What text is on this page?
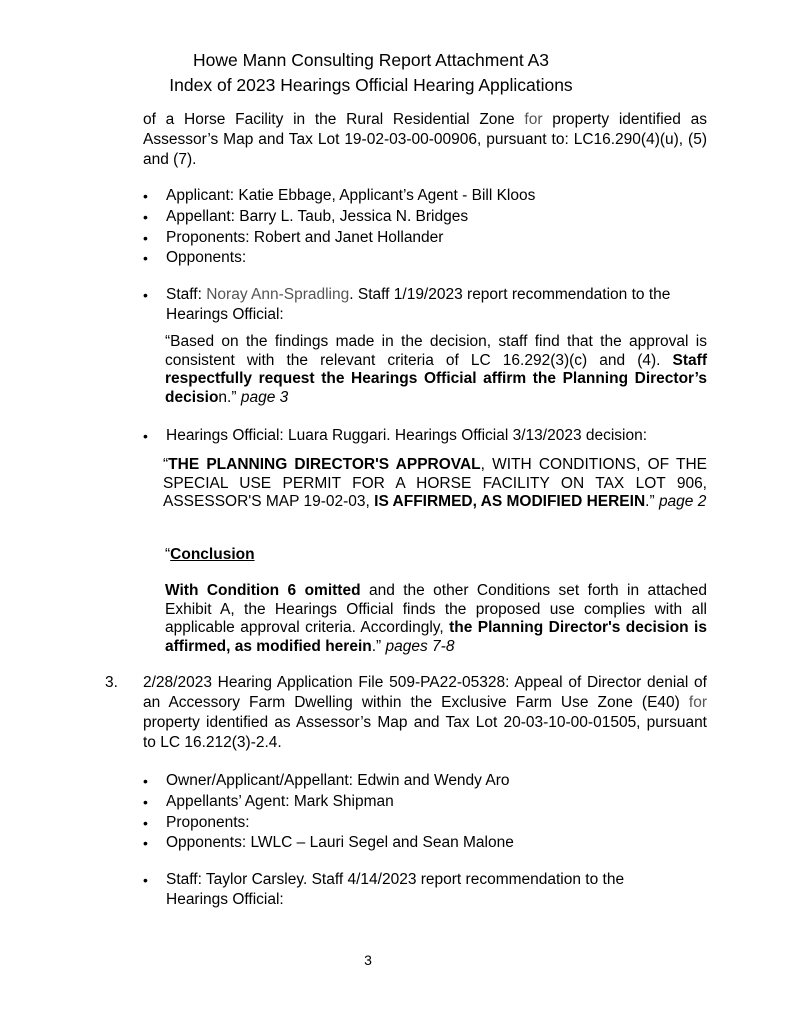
Howe Mann Consulting Report Attachment A3
Index of 2023 Hearings Official Hearing Applications
of a Horse Facility in the Rural Residential Zone for property identified as Assessor’s Map and Tax Lot 19-02-03-00-00906, pursuant to: LC16.290(4)(u), (5) and (7).
• Applicant: Katie Ebbage, Applicant’s Agent - Bill Kloos
• Appellant: Barry L. Taub, Jessica N. Bridges
• Proponents: Robert and Janet Hollander
• Opponents:
• Staff: Noray Ann-Spradling. Staff 1/19/2023 report recommendation to the Hearings Official:
“Based on the findings made in the decision, staff find that the approval is consistent with the relevant criteria of LC 16.292(3)(c) and (4). Staff respectfully request the Hearings Official affirm the Planning Director’s decision.” page 3
• Hearings Official: Luara Ruggari. Hearings Official 3/13/2023 decision:
“THE PLANNING DIRECTOR'S APPROVAL, WITH CONDITIONS, OF THE SPECIAL USE PERMIT FOR A HORSE FACILITY ON TAX LOT 906, ASSESSOR'S MAP 19-02-03, IS AFFIRMED, AS MODIFIED HEREIN.” page 2
“Conclusion
With Condition 6 omitted and the other Conditions set forth in attached Exhibit A, the Hearings Official finds the proposed use complies with all applicable approval criteria. Accordingly, the Planning Director's decision is affirmed, as modified herein.” pages 7-8
3. 2/28/2023 Hearing Application File 509-PA22-05328: Appeal of Director denial of an Accessory Farm Dwelling within the Exclusive Farm Use Zone (E40) for property identified as Assessor’s Map and Tax Lot 20-03-10-00-01505, pursuant to LC 16.212(3)-2.4.
• Owner/Applicant/Appellant: Edwin and Wendy Aro
• Appellants’ Agent: Mark Shipman
• Proponents:
• Opponents: LWLC – Lauri Segel and Sean Malone
• Staff: Taylor Carsley. Staff 4/14/2023 report recommendation to the Hearings Official:
3
